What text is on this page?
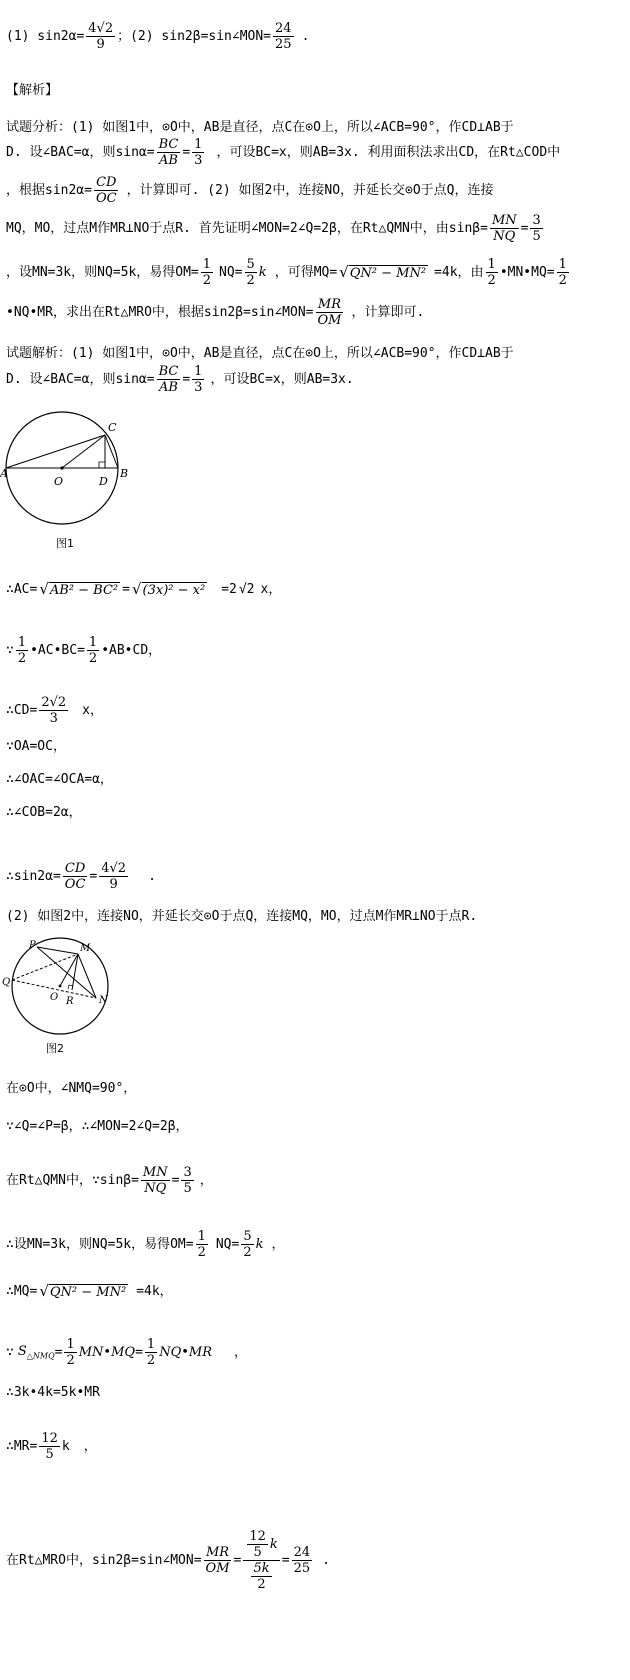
(1) sin2 $\alpha = \frac{4√2}{9}$ ；(2) sin2 β =sin∠MON= $\frac{24}{25}$ .
【解析】
试题分析：(1) 如图1中，⊙O中，AB是直径，点C在⊙O上，所以∠ACB=90°，作CD⊥AB于
D. 设∠BAC=α，则$\sin\alpha= \frac{BC}{AB} = \frac{1}{3}$ ，可设BC=x，则AB=3x. 利用面积法求出CD，在Rt△COD中
，根据$\sin 2\alpha= \frac{CD}{OC}$ ，计算即可. (2) 如图2中，连接NO，并延长交⊙O于点Q，连接
MQ，MO，过点M作MR⊥NO于点R. 首先证明∠MON=2∠Q=2β，在Rt△QMN中，由$\sin\beta= \frac{MN}{NQ} = \frac{3}{5}$
，设MN=3k，则NQ=5k，易得$OM= \frac{1}{2} NQ= \frac{5}{2}$ k ，可得MQ= √ QN² − MN² =4k，由 $\frac{1}{2}$ •MN•MQ= $\frac{1}{2}$
•NQ•MR，求出在Rt△MRO中，根据sin2β=sin∠MON= $\frac{MR}{OM}$ ，计算即可.
试题解析：(1) 如图1中，⊙O中，AB是直径，点C在⊙O上，所以∠ACB=90°，作CD⊥AB于
D. 设∠BAC=α，则$\sin\alpha= \frac{BC}{AB} = \frac{1}{3}$ ，可设BC=x，则AB=3x.
A
O	D
B
C
图1
∴AC= √ AB² − BC² = √ (3x)² − x² =2 √2 x，
∵ $\frac{1}{2}$ •AC•BC= $\frac{1}{2}$ •AB•CD，
∴CD= $\frac{2√2}{3}$ x，
∵OA=OC，
∴∠OAC=∠OCA=α，
∴∠COB=2α，
∴sin2α= $\frac{CD}{OC} = \frac{4√2}{9}$ .
(2) 如图2中，连接NO，并延长交⊙O于点Q，连接MQ，MO，过点M作MR⊥NO于点R.
P	M
Q
O R	N
图2
在⊙O中，∠NMQ=90°，
∵∠Q=∠P=β，∴∠MON=2∠Q=2β，
在Rt△QMN中，∵sinβ= $\frac{MN}{NQ} = \frac{3}{5}$ ，
∴设MN=3k，则NQ=5k，易得$OM= \frac{1}{2} NQ= \frac{5}{2}$ k ，
∴MQ= √ QN² − MN² =4k，
∵ $S_{\triangle NMQ} = \frac{1}{2}$ MN•MQ = $\frac{1}{2}$ NQ•MR ，
∴3k•4k=5k•MR
∴MR= $\frac{12}{5}$ k ，
在Rt△MRO中，sin2β=sin∠MON= $\frac{MR}{OM} = \frac{\frac{12}{5} k}{\frac{5k}{2}} = \frac{24}{25}$ .
